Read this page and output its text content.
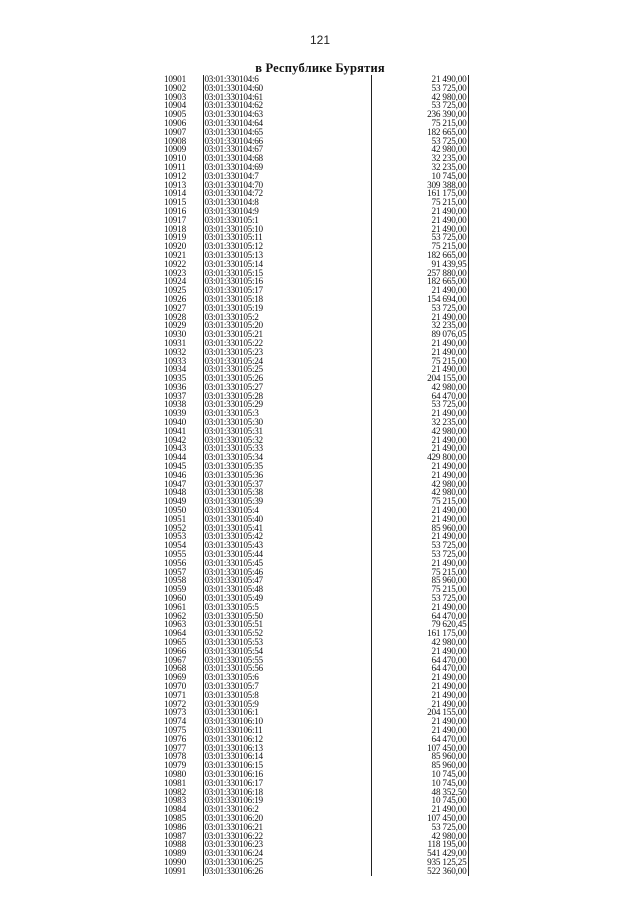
121
в Республике Бурятия
10901	03:01:330104:6	21 490,00
10902	03:01:330104:60	53 725,00
10903	03:01:330104:61	42 980,00
10904	03:01:330104:62	53 725,00
10905	03:01:330104:63	236 390,00
10906	03:01:330104:64	75 215,00
10907	03:01:330104:65	182 665,00
10908	03:01:330104:66	53 725,00
10909	03:01:330104:67	42 980,00
10910	03:01:330104:68	32 235,00
10911	03:01:330104:69	32 235,00
10912	03:01:330104:7	10 745,00
10913	03:01:330104:70	309 388,00
10914	03:01:330104:72	161 175,00
10915	03:01:330104:8	75 215,00
10916	03:01:330104:9	21 490,00
10917	03:01:330105:1	21 490,00
10918	03:01:330105:10	21 490,00
10919	03:01:330105:11	53 725,00
10920	03:01:330105:12	75 215,00
10921	03:01:330105:13	182 665,00
10922	03:01:330105:14	91 439,95
10923	03:01:330105:15	257 880,00
10924	03:01:330105:16	182 665,00
10925	03:01:330105:17	21 490,00
10926	03:01:330105:18	154 694,00
10927	03:01:330105:19	53 725,00
10928	03:01:330105:2	21 490,00
10929	03:01:330105:20	32 235,00
10930	03:01:330105:21	89 076,05
10931	03:01:330105:22	21 490,00
10932	03:01:330105:23	21 490,00
10933	03:01:330105:24	75 215,00
10934	03:01:330105:25	21 490,00
10935	03:01:330105:26	204 155,00
10936	03:01:330105:27	42 980,00
10937	03:01:330105:28	64 470,00
10938	03:01:330105:29	53 725,00
10939	03:01:330105:3	21 490,00
10940	03:01:330105:30	32 235,00
10941	03:01:330105:31	42 980,00
10942	03:01:330105:32	21 490,00
10943	03:01:330105:33	21 490,00
10944	03:01:330105:34	429 800,00
10945	03:01:330105:35	21 490,00
10946	03:01:330105:36	21 490,00
10947	03:01:330105:37	42 980,00
10948	03:01:330105:38	42 980,00
10949	03:01:330105:39	75 215,00
10950	03:01:330105:4	21 490,00
10951	03:01:330105:40	21 490,00
10952	03:01:330105:41	85 960,00
10953	03:01:330105:42	21 490,00
10954	03:01:330105:43	53 725,00
10955	03:01:330105:44	53 725,00
10956	03:01:330105:45	21 490,00
10957	03:01:330105:46	75 215,00
10958	03:01:330105:47	85 960,00
10959	03:01:330105:48	75 215,00
10960	03:01:330105:49	53 725,00
10961	03:01:330105:5	21 490,00
10962	03:01:330105:50	64 470,00
10963	03:01:330105:51	79 620,45
10964	03:01:330105:52	161 175,00
10965	03:01:330105:53	42 980,00
10966	03:01:330105:54	21 490,00
10967	03:01:330105:55	64 470,00
10968	03:01:330105:56	64 470,00
10969	03:01:330105:6	21 490,00
10970	03:01:330105:7	21 490,00
10971	03:01:330105:8	21 490,00
10972	03:01:330105:9	21 490,00
10973	03:01:330106:1	204 155,00
10974	03:01:330106:10	21 490,00
10975	03:01:330106:11	21 490,00
10976	03:01:330106:12	64 470,00
10977	03:01:330106:13	107 450,00
10978	03:01:330106:14	85 960,00
10979	03:01:330106:15	85 960,00
10980	03:01:330106:16	10 745,00
10981	03:01:330106:17	10 745,00
10982	03:01:330106:18	48 352,50
10983	03:01:330106:19	10 745,00
10984	03:01:330106:2	21 490,00
10985	03:01:330106:20	107 450,00
10986	03:01:330106:21	53 725,00
10987	03:01:330106:22	42 980,00
10988	03:01:330106:23	118 195,00
10989	03:01:330106:24	541 429,00
10990	03:01:330106:25	935 125,25
10991	03:01:330106:26	522 360,00
